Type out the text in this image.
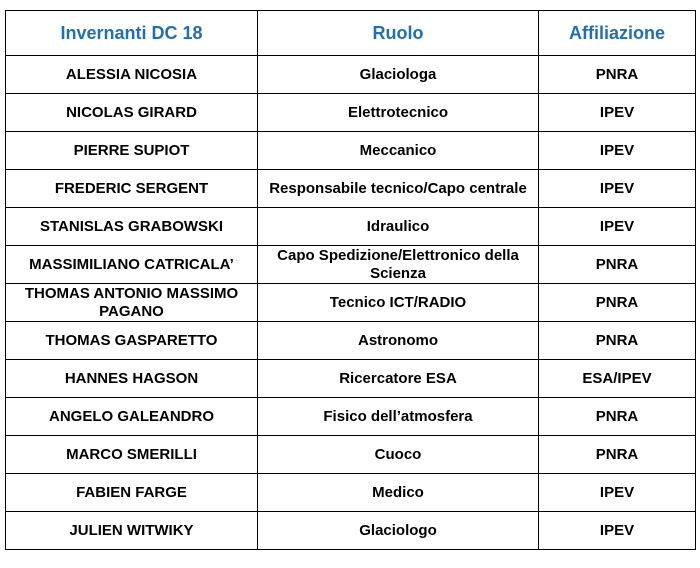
Invernanti DC 18	Ruolo	Affiliazione
ALESSIA NICOSIA	Glaciologa	PNRA
NICOLAS GIRARD	Elettrotecnico	IPEV
PIERRE SUPIOT	Meccanico	IPEV
FREDERIC SERGENT	Responsabile tecnico/Capo centrale	IPEV
STANISLAS GRABOWSKI	Idraulico	IPEV
MASSIMILIANO CATRICALA’	Capo Spedizione/Elettronico della Scienza	PNRA
THOMAS ANTONIO MASSIMO PAGANO	Tecnico ICT/RADIO	PNRA
THOMAS GASPARETTO	Astronomo	PNRA
HANNES HAGSON	Ricercatore ESA	ESA/IPEV
ANGELO GALEANDRO	Fisico dell’atmosfera	PNRA
MARCO SMERILLI	Cuoco	PNRA
FABIEN FARGE	Medico	IPEV
JULIEN WITWIKY	Glaciologo	IPEV
